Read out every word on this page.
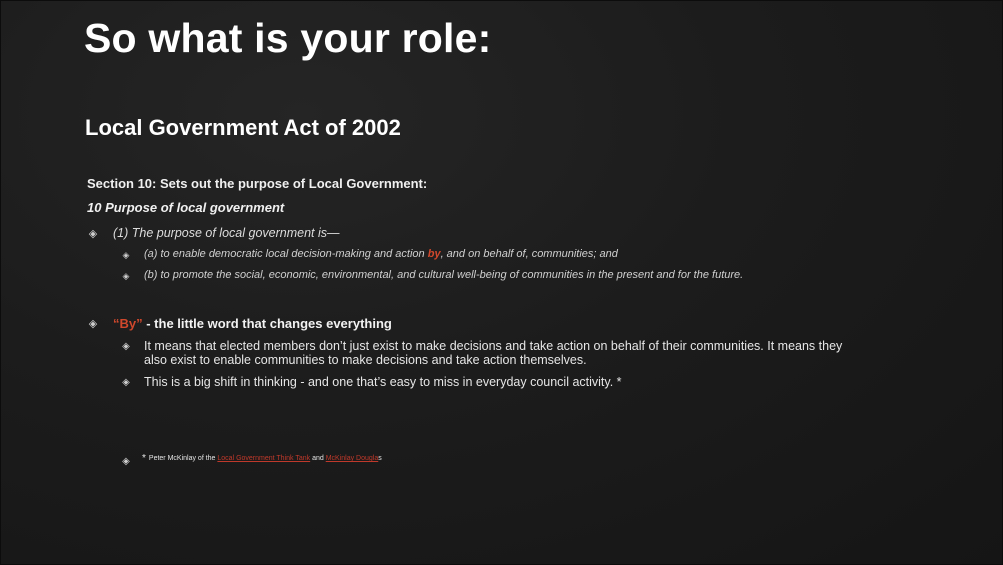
So what is your role:
Local Government Act of 2002
Section 10: Sets out the purpose of Local Government:
10 Purpose of local government
◈ (1) The purpose of local government is—
◈ (a) to enable democratic local decision-making and action by, and on behalf of, communities; and
◈ (b) to promote the social, economic, environmental, and cultural well-being of communities in the present and for the future.
◈ “By” - the little word that changes everything
◈ It means that elected members don’t just exist to make decisions and take action on behalf of their communities. It means they
also exist to enable communities to make decisions and take action themselves.
◈ This is a big shift in thinking - and one that’s easy to miss in everyday council activity. *
◈ * Peter McKinlay of the Local Government Think Tank and McKinlay Douglas
